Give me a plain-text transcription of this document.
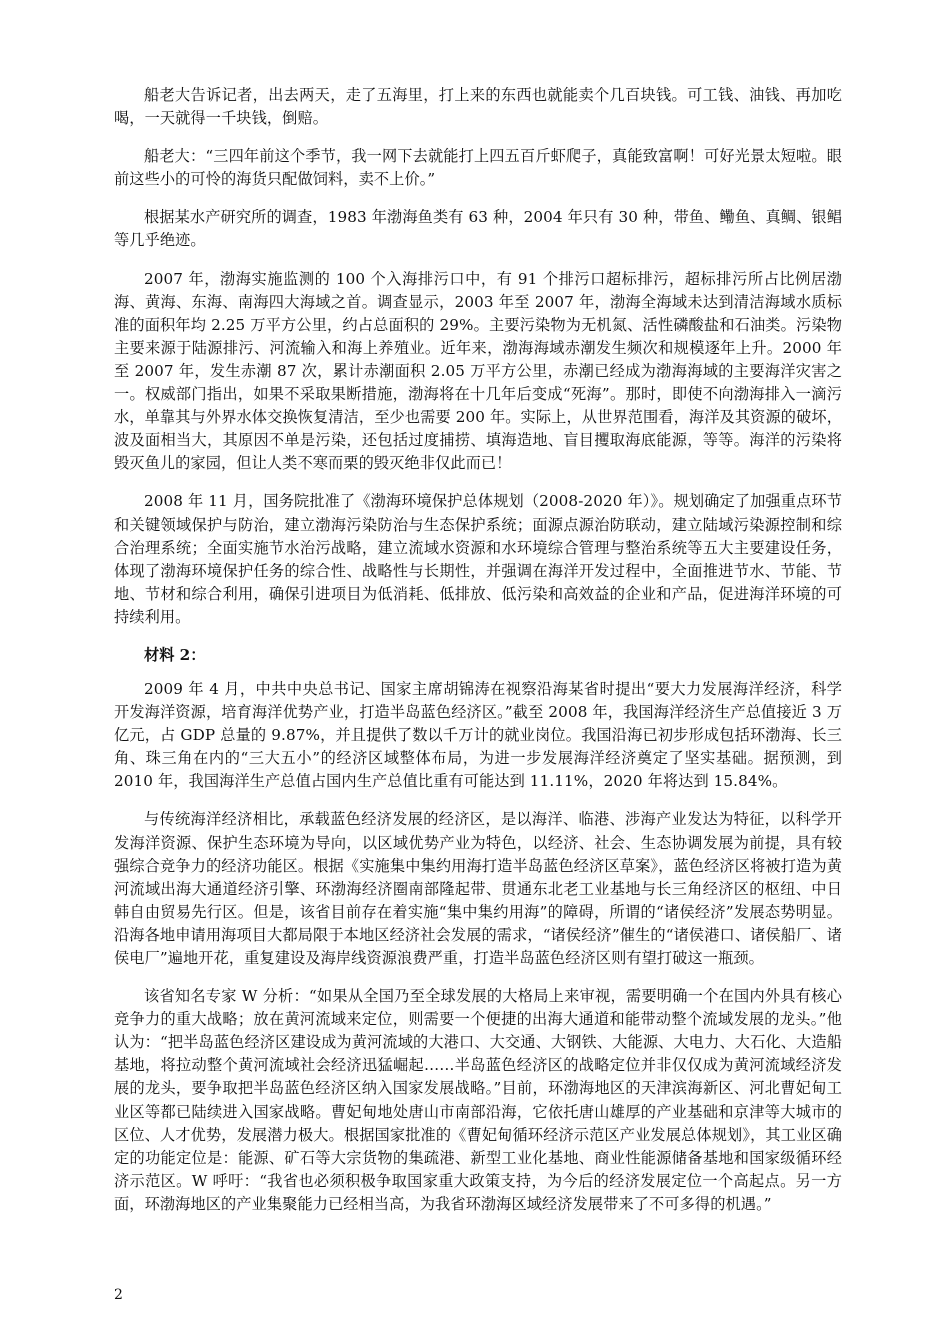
船老大告诉记者，出去两天，走了五海里，打上来的东西也就能卖个几百块钱。可工钱、油钱、再加吃喝，一天就得一千块钱，倒赔。

船老大：“三四年前这个季节，我一网下去就能打上四五百斤虾爬子，真能致富啊！可好光景太短啦。眼前这些小的可怜的海货只配做饲料，卖不上价。”

根据某水产研究所的调查，1983 年渤海鱼类有 63 种，2004 年只有 30 种，带鱼、鳓鱼、真鲷、银鲳等几乎绝迹。

2007 年，渤海实施监测的 100 个入海排污口中，有 91 个排污口超标排污，超标排污所占比例居渤海、黄海、东海、南海四大海域之首。调查显示，2003 年至 2007 年，渤海全海域未达到清洁海域水质标准的面积年均 2.25 万平方公里，约占总面积的 29%。主要污染物为无机氮、活性磷酸盐和石油类。污染物主要来源于陆源排污、河流输入和海上养殖业。近年来，渤海海域赤潮发生频次和规模逐年上升。2000 年至 2007 年，发生赤潮 87 次，累计赤潮面积 2.05 万平方公里，赤潮已经成为渤海海域的主要海洋灾害之一。权威部门指出，如果不采取果断措施，渤海将在十几年后变成“死海”。那时，即使不向渤海排入一滴污水，单靠其与外界水体交换恢复清洁，至少也需要 200 年。实际上，从世界范围看，海洋及其资源的破坏，波及面相当大，其原因不单是污染，还包括过度捕捞、填海造地、盲目攫取海底能源，等等。海洋的污染将毁灭鱼儿的家园，但让人类不寒而栗的毁灭绝非仅此而已！

2008 年 11 月，国务院批准了《渤海环境保护总体规划（2008-2020 年）》。规划确定了加强重点环节和关键领域保护与防治，建立渤海污染防治与生态保护系统；面源点源治防联动，建立陆域污染源控制和综合治理系统；全面实施节水治污战略，建立流域水资源和水环境综合管理与整治系统等五大主要建设任务，体现了渤海环境保护任务的综合性、战略性与长期性，并强调在海洋开发过程中，全面推进节水、节能、节地、节材和综合利用，确保引进项目为低消耗、低排放、低污染和高效益的企业和产品，促进海洋环境的可持续利用。

材料 2：

2009 年 4 月，中共中央总书记、国家主席胡锦涛在视察沿海某省时提出“要大力发展海洋经济，科学开发海洋资源，培育海洋优势产业，打造半岛蓝色经济区。”截至 2008 年，我国海洋经济生产总值接近 3 万亿元，占 GDP 总量的 9.87%，并且提供了数以千万计的就业岗位。我国沿海已初步形成包括环渤海、长三角、珠三角在内的“三大五小”的经济区域整体布局，为进一步发展海洋经济奠定了坚实基础。据预测，到 2010 年，我国海洋生产总值占国内生产总值比重有可能达到 11.11%，2020 年将达到 15.84%。

与传统海洋经济相比，承载蓝色经济发展的经济区，是以海洋、临港、涉海产业发达为特征，以科学开发海洋资源、保护生态环境为导向，以区域优势产业为特色，以经济、社会、生态协调发展为前提，具有较强综合竞争力的经济功能区。根据《实施集中集约用海打造半岛蓝色经济区草案》，蓝色经济区将被打造为黄河流域出海大通道经济引擎、环渤海经济圈南部隆起带、贯通东北老工业基地与长三角经济区的枢纽、中日韩自由贸易先行区。但是，该省目前存在着实施“集中集约用海”的障碍，所谓的“诸侯经济”发展态势明显。沿海各地申请用海项目大都局限于本地区经济社会发展的需求，“诸侯经济”催生的“诸侯港口、诸侯船厂、诸侯电厂”遍地开花，重复建设及海岸线资源浪费严重，打造半岛蓝色经济区则有望打破这一瓶颈。

该省知名专家 W 分析：“如果从全国乃至全球发展的大格局上来审视，需要明确一个在国内外具有核心竞争力的重大战略；放在黄河流域来定位，则需要一个便捷的出海大通道和能带动整个流域发展的龙头。”他认为：“把半岛蓝色经济区建设成为黄河流域的大港口、大交通、大钢铁、大能源、大电力、大石化、大造船基地，将拉动整个黄河流域社会经济迅猛崛起……半岛蓝色经济区的战略定位并非仅仅成为黄河流域经济发展的龙头，要争取把半岛蓝色经济区纳入国家发展战略。”目前，环渤海地区的天津滨海新区、河北曹妃甸工业区等都已陆续进入国家战略。曹妃甸地处唐山市南部沿海，它依托唐山雄厚的产业基础和京津等大城市的区位、人才优势，发展潜力极大。根据国家批准的《曹妃甸循环经济示范区产业发展总体规划》，其工业区确定的功能定位是：能源、矿石等大宗货物的集疏港、新型工业化基地、商业性能源储备基地和国家级循环经济示范区。W 呼吁：“我省也必须积极争取国家重大政策支持，为今后的经济发展定位一个高起点。另一方面，环渤海地区的产业集聚能力已经相当高，为我省环渤海区域经济发展带来了不可多得的机遇。”

2
